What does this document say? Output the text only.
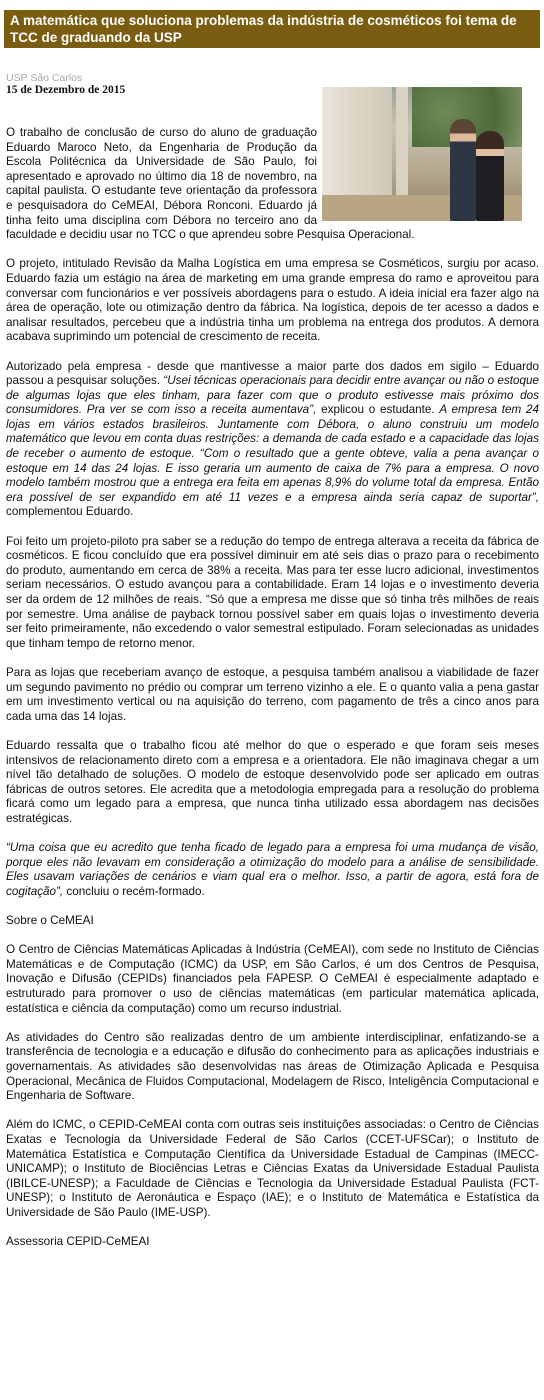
A matemática que soluciona problemas da indústria de cosméticos foi tema de TCC de graduando da USP
USP São Carlos
15 de Dezembro de 2015

O trabalho de conclusão de curso do aluno de graduação Eduardo Maroco Neto, da Engenharia de Produção da Escola Politécnica da Universidade de São Paulo, foi apresentado e aprovado no último dia 18 de novembro, na capital paulista. O estudante teve orientação da professora e pesquisadora do CeMEAI, Débora Ronconi. Eduardo já tinha feito uma disciplina com Débora no terceiro ano da faculdade e decidiu usar no TCC o que aprendeu sobre Pesquisa Operacional.

O projeto, intitulado Revisão da Malha Logística em uma empresa se Cosméticos, surgiu por acaso. Eduardo fazia um estágio na área de marketing em uma grande empresa do ramo e aproveitou para conversar com funcionários e ver possíveis abordagens para o estudo. A ideia inicial era fazer algo na área de operação, lote ou otimização dentro da fábrica. Na logística, depois de ter acesso a dados e analisar resultados, percebeu que a indústria tinha um problema na entrega dos produtos. A demora acabava suprimindo um potencial de crescimento de receita.

Autorizado pela empresa - desde que mantivesse a maior parte dos dados em sigilo – Eduardo passou a pesquisar soluções. “Usei técnicas operacionais para decidir entre avançar ou não o estoque de algumas lojas que eles tinham, para fazer com que o produto estivesse mais próximo dos consumidores. Pra ver se com isso a receita aumentava”, explicou o estudante. A empresa tem 24 lojas em vários estados brasileiros. Juntamente com Débora, o aluno construiu um modelo matemático que levou em conta duas restrições: a demanda de cada estado e a capacidade das lojas de receber o aumento de estoque. “Com o resultado que a gente obteve, valia a pena avançar o estoque em 14 das 24 lojas. E isso geraria um aumento de caixa de 7% para a empresa. O novo modelo também mostrou que a entrega era feita em apenas 8,9% do volume total da empresa. Então era possível de ser expandido em até 11 vezes e a empresa ainda seria capaz de suportar”, complementou Eduardo.

Foi feito um projeto-piloto pra saber se a redução do tempo de entrega alterava a receita da fábrica de cosméticos. E ficou concluído que era possível diminuir em até seis dias o prazo para o recebimento do produto, aumentando em cerca de 38% a receita. Mas para ter esse lucro adicional, investimentos seriam necessários. O estudo avançou para a contabilidade. Eram 14 lojas e o investimento deveria ser da ordem de 12 milhões de reais. “Só que a empresa me disse que só tinha três milhões de reais por semestre. Uma análise de payback tornou possível saber em quais lojas o investimento deveria ser feito primeiramente, não excedendo o valor semestral estipulado. Foram selecionadas as unidades que tinham tempo de retorno menor.

Para as lojas que receberiam avanço de estoque, a pesquisa também analisou a viabilidade de fazer um segundo pavimento no prédio ou comprar um terreno vizinho a ele. E o quanto valia a pena gastar em um investimento vertical ou na aquisição do terreno, com pagamento de três a cinco anos para cada uma das 14 lojas.

Eduardo ressalta que o trabalho ficou até melhor do que o esperado e que foram seis meses intensivos de relacionamento direto com a empresa e a orientadora. Ele não imaginava chegar a um nível tão detalhado de soluções. O modelo de estoque desenvolvido pode ser aplicado em outras fábricas de outros setores. Ele acredita que a metodologia empregada para a resolução do problema ficará como um legado para a empresa, que nunca tinha utilizado essa abordagem nas decisões estratégicas.

“Uma coisa que eu acredito que tenha ficado de legado para a empresa foi uma mudança de visão, porque eles não levavam em consideração a otimização do modelo para a análise de sensibilidade. Eles usavam variações de cenários e viam qual era o melhor. Isso, a partir de agora, está fora de cogitação”, concluiu o recém-formado.

Sobre o CeMEAI

O Centro de Ciências Matemáticas Aplicadas à Indústria (CeMEAI), com sede no Instituto de Ciências Matemáticas e de Computação (ICMC) da USP, em São Carlos, é um dos Centros de Pesquisa, Inovação e Difusão (CEPIDs) financiados pela FAPESP. O CeMEAI é especialmente adaptado e estruturado para promover o uso de ciências matemáticas (em particular matemática aplicada, estatística e ciência da computação) como um recurso industrial.

As atividades do Centro são realizadas dentro de um ambiente interdisciplinar, enfatizando-se a transferência de tecnologia e a educação e difusão do conhecimento para as aplicações industriais e governamentais. As atividades são desenvolvidas nas áreas de Otimização Aplicada e Pesquisa Operacional, Mecânica de Fluidos Computacional, Modelagem de Risco, Inteligência Computacional e Engenharia de Software.

Além do ICMC, o CEPID-CeMEAI conta com outras seis instituições associadas: o Centro de Ciências Exatas e Tecnologia da Universidade Federal de São Carlos (CCET-UFSCar); o Instituto de Matemática Estatística e Computação Científica da Universidade Estadual de Campinas (IMECC-UNICAMP); o Instituto de Biociências Letras e Ciências Exatas da Universidade Estadual Paulista (IBILCE-UNESP); a Faculdade de Ciências e Tecnologia da Universidade Estadual Paulista (FCT-UNESP); o Instituto de Aeronáutica e Espaço (IAE); e o Instituto de Matemática e Estatística da Universidade de São Paulo (IME-USP).

Assessoria CEPID-CeMEAI
